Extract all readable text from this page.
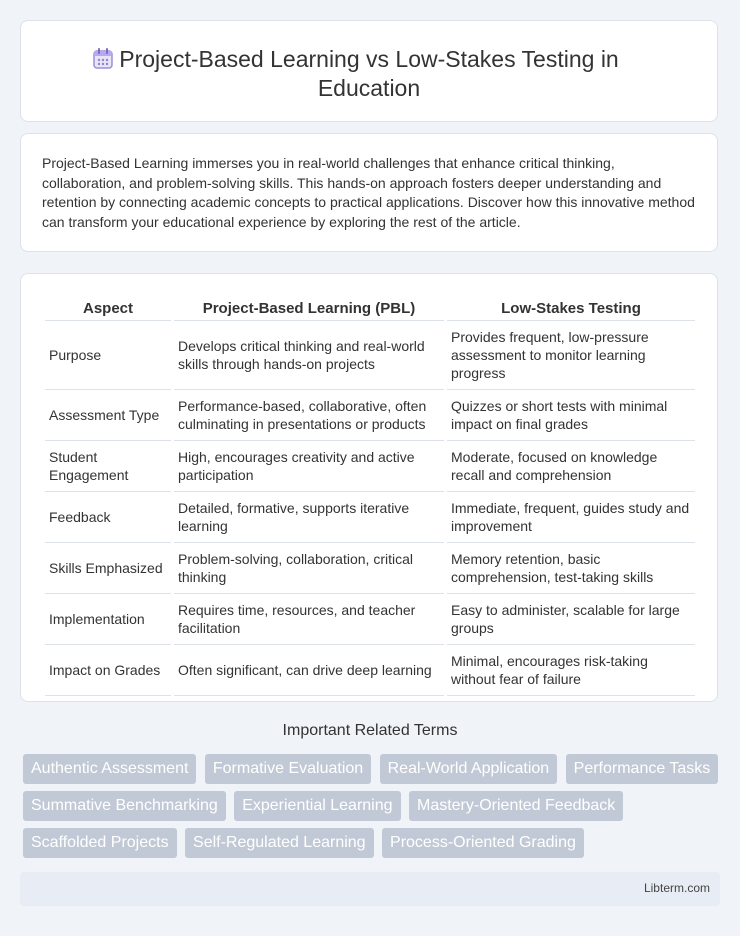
Project-Based Learning vs Low-Stakes Testing in Education
Project-Based Learning immerses you in real-world challenges that enhance critical thinking, collaboration, and problem-solving skills. This hands-on approach fosters deeper understanding and retention by connecting academic concepts to practical applications. Discover how this innovative method can transform your educational experience by exploring the rest of the article.
Aspect	Project-Based Learning (PBL)	Low-Stakes Testing
Purpose	Develops critical thinking and real-world skills through hands-on projects	Provides frequent, low-pressure assessment to monitor learning progress
Assessment Type	Performance-based, collaborative, often culminating in presentations or products	Quizzes or short tests with minimal impact on final grades
Student Engagement	High, encourages creativity and active participation	Moderate, focused on knowledge recall and comprehension
Feedback	Detailed, formative, supports iterative learning	Immediate, frequent, guides study and improvement
Skills Emphasized	Problem-solving, collaboration, critical thinking	Memory retention, basic comprehension, test-taking skills
Implementation	Requires time, resources, and teacher facilitation	Easy to administer, scalable for large groups
Impact on Grades	Often significant, can drive deep learning	Minimal, encourages risk-taking without fear of failure
Important Related Terms
Authentic Assessment Formative Evaluation Real-World Application Performance Tasks Summative Benchmarking Experiential Learning Mastery-Oriented Feedback Scaffolded Projects Self-Regulated Learning Process-Oriented Grading
Libterm.com
